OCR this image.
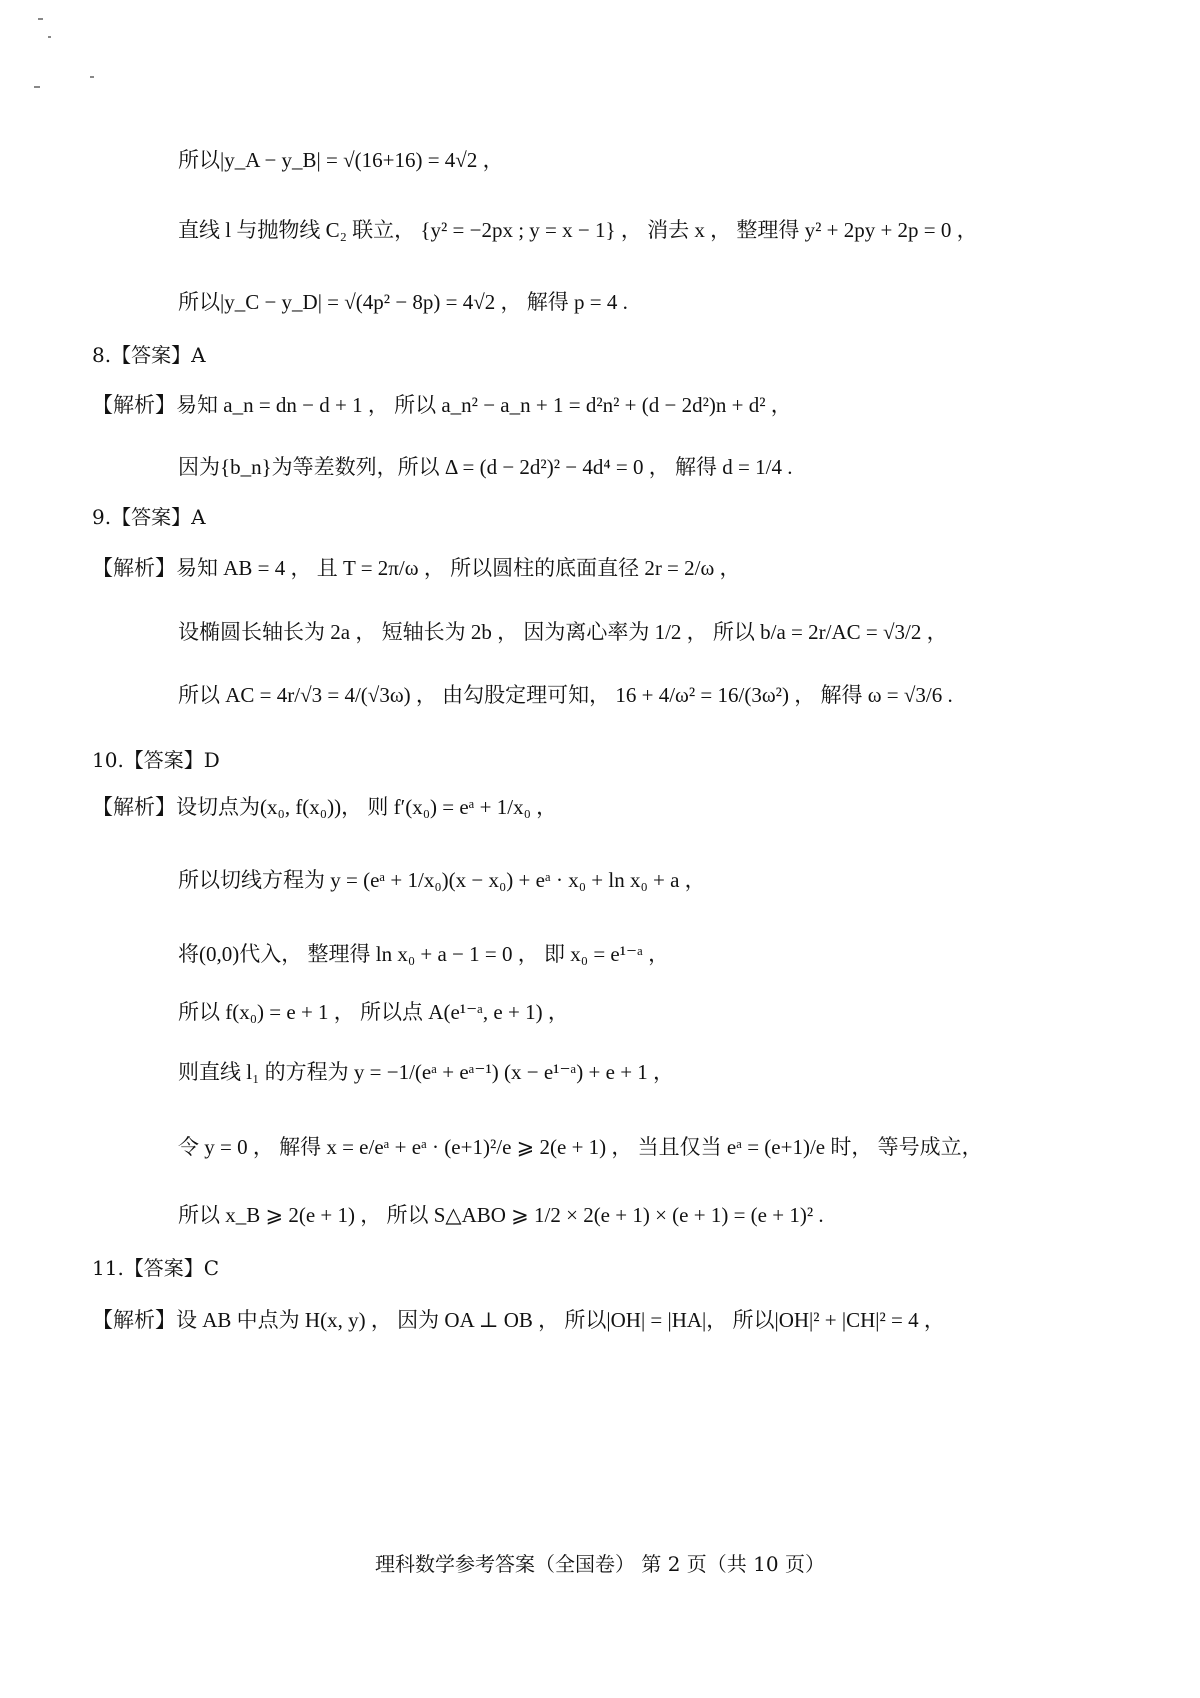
所以|y_A − y_B| = √(16+16) = 4√2 ，
直线 l 与抛物线 C₂ 联立， {y² = −2px ; y = x − 1} ， 消去 x ， 整理得 y² + 2py + 2p = 0 ，
所以|y_C − y_D| = √(4p² − 8p) = 4√2 ， 解得 p = 4 .
8.【答案】A
【解析】易知 a_n = dn − d + 1 ， 所以 a_n² − a_n + 1 = d²n² + (d − 2d²)n + d² ，
因为{b_n}为等差数列，所以 Δ = (d − 2d²)² − 4d⁴ = 0 ， 解得 d = 1/4 .
9.【答案】A
【解析】易知 AB = 4 ， 且 T = 2π/ω ， 所以圆柱的底面直径 2r = 2/ω ，
设椭圆长轴长为 2a ， 短轴长为 2b ， 因为离心率为 1/2 ， 所以 b/a = 2r/AC = √3/2 ，
所以 AC = 4r/√3 = 4/(√3ω) ， 由勾股定理可知， 16 + 4/ω² = 16/(3ω²) ， 解得 ω = √3/6 .
10.【答案】D
【解析】设切点为(x₀, f(x₀))， 则 f′(x₀) = eᵃ + 1/x₀ ，
所以切线方程为 y = (eᵃ + 1/x₀)(x − x₀) + eᵃ · x₀ + ln x₀ + a ，
将(0,0)代入， 整理得 ln x₀ + a − 1 = 0 ， 即 x₀ = e¹⁻ᵃ ，
所以 f(x₀) = e + 1 ， 所以点 A(e¹⁻ᵃ, e + 1) ，
则直线 l₁ 的方程为 y = −1/(eᵃ + eᵃ⁻¹) (x − e¹⁻ᵃ) + e + 1 ，
令 y = 0 ， 解得 x = e/eᵃ + eᵃ · (e+1)²/e ⩾ 2(e + 1) ， 当且仅当 eᵃ = (e+1)/e 时， 等号成立，
所以 x_B ⩾ 2(e + 1) ， 所以 S△ABO ⩾ 1/2 × 2(e + 1) × (e + 1) = (e + 1)² .
11.【答案】C
【解析】设 AB 中点为 H(x, y) ， 因为 OA ⊥ OB ， 所以|OH| = |HA|， 所以|OH|² + |CH|² = 4 ，
理科数学参考答案（全国卷） 第 2 页（共 10 页）
